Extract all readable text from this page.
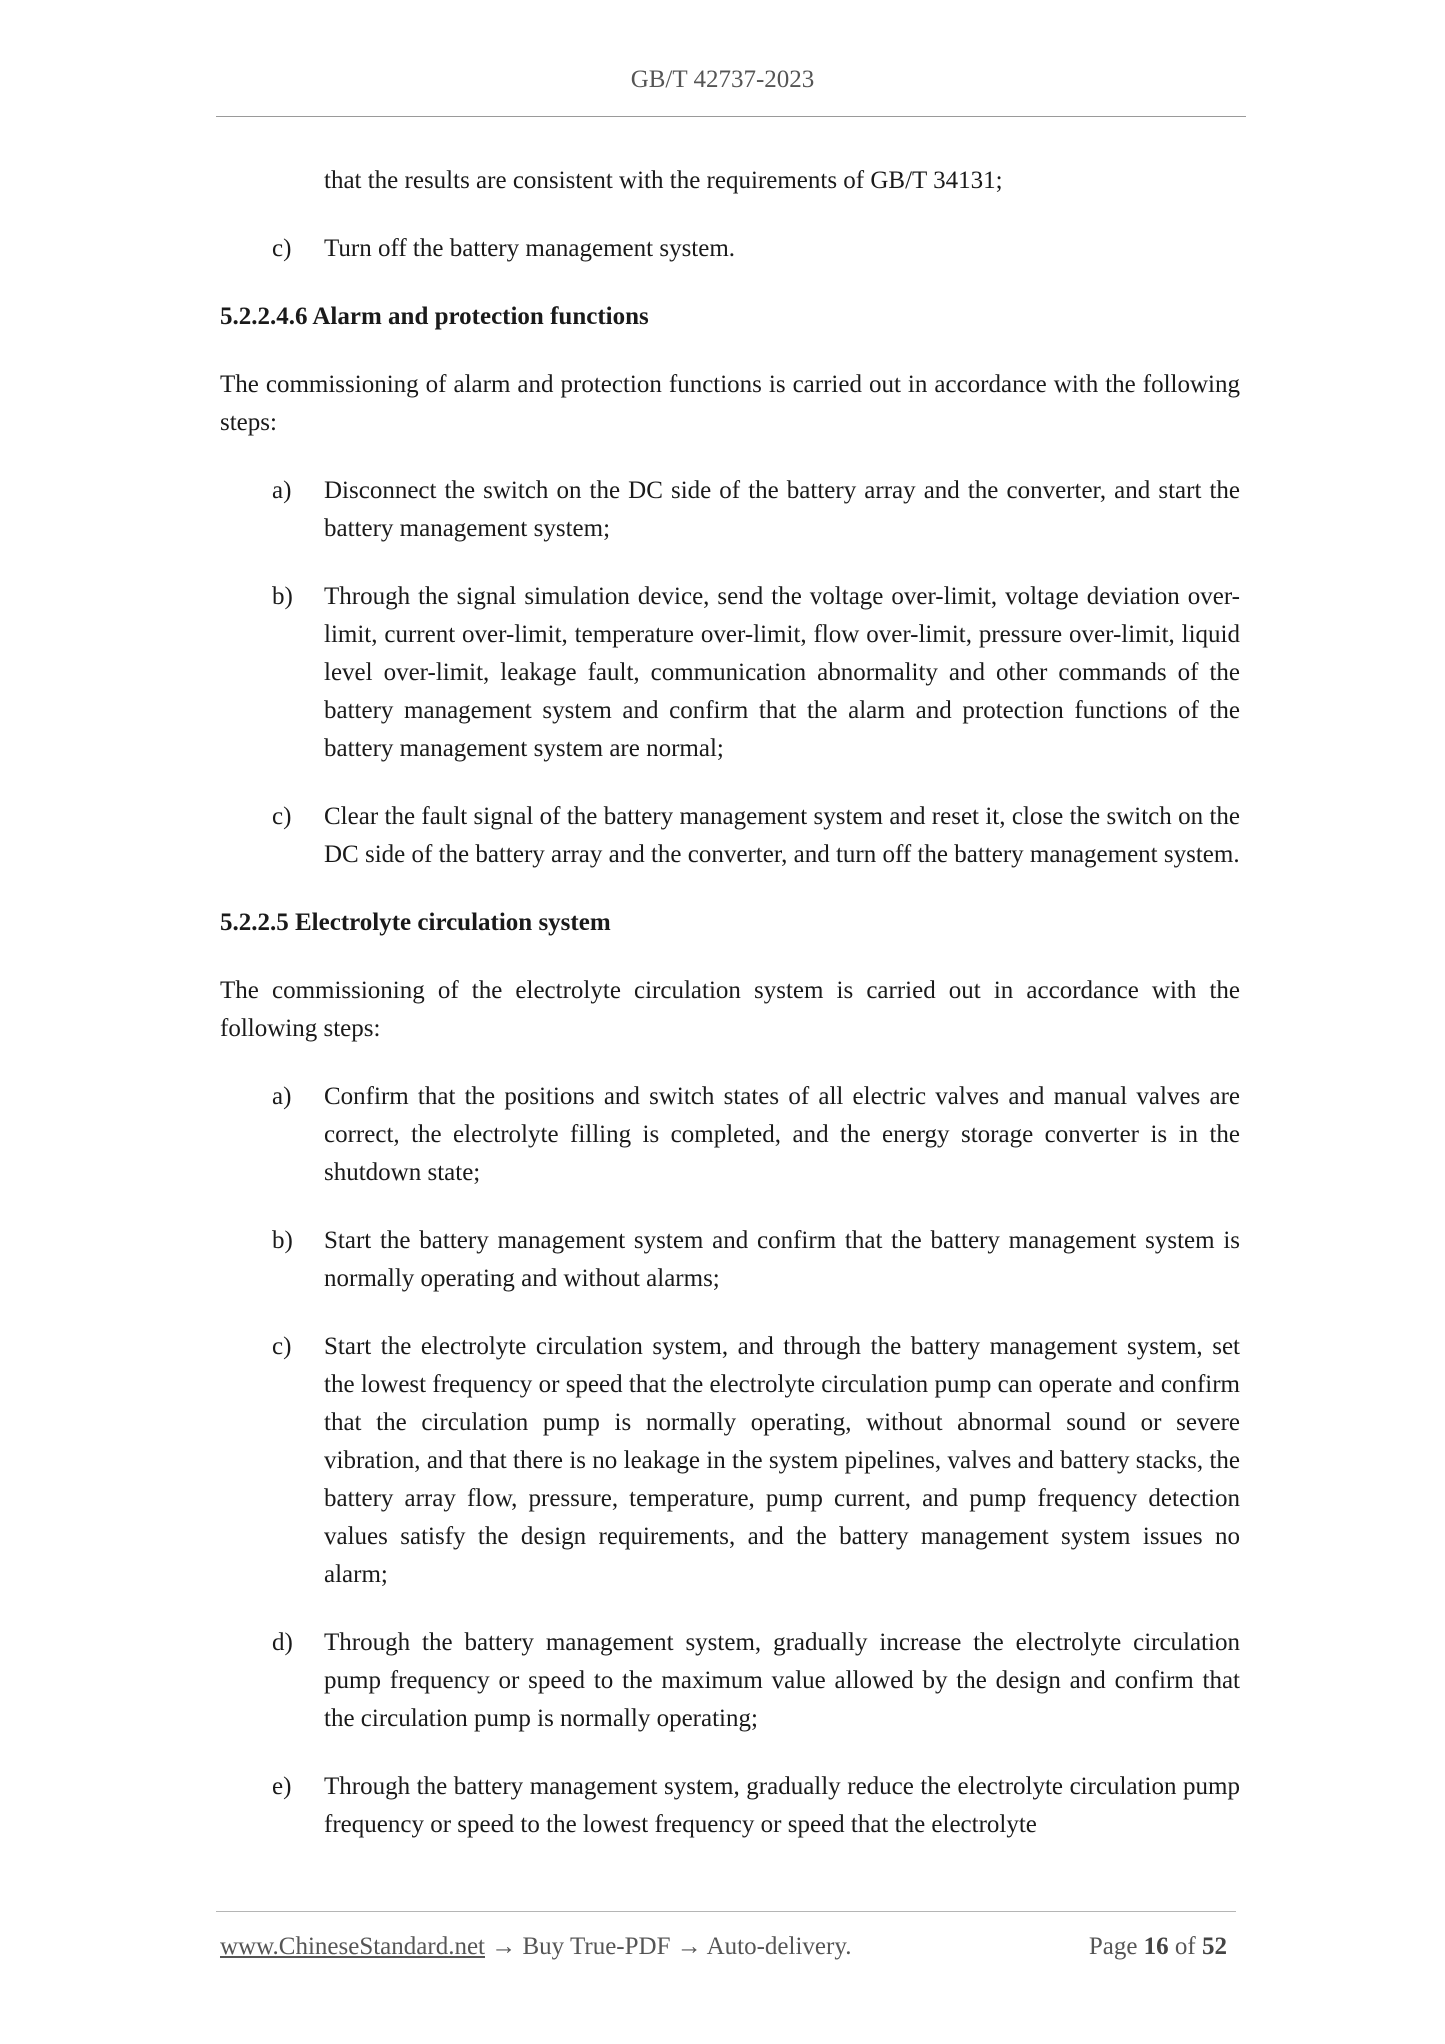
GB/T 42737-2023

that the results are consistent with the requirements of GB/T 34131;

c) Turn off the battery management system.

5.2.2.4.6 Alarm and protection functions

The commissioning of alarm and protection functions is carried out in accordance with the following steps:

a) Disconnect the switch on the DC side of the battery array and the converter, and start the battery management system;

b) Through the signal simulation device, send the voltage over-limit, voltage deviation over-limit, current over-limit, temperature over-limit, flow over-limit, pressure over-limit, liquid level over-limit, leakage fault, communication abnormality and other commands of the battery management system and confirm that the alarm and protection functions of the battery management system are normal;

c) Clear the fault signal of the battery management system and reset it, close the switch on the DC side of the battery array and the converter, and turn off the battery management system.

5.2.2.5 Electrolyte circulation system

The commissioning of the electrolyte circulation system is carried out in accordance with the following steps:

a) Confirm that the positions and switch states of all electric valves and manual valves are correct, the electrolyte filling is completed, and the energy storage converter is in the shutdown state;

b) Start the battery management system and confirm that the battery management system is normally operating and without alarms;

c) Start the electrolyte circulation system, and through the battery management system, set the lowest frequency or speed that the electrolyte circulation pump can operate and confirm that the circulation pump is normally operating, without abnormal sound or severe vibration, and that there is no leakage in the system pipelines, valves and battery stacks, the battery array flow, pressure, temperature, pump current, and pump frequency detection values satisfy the design requirements, and the battery management system issues no alarm;

d) Through the battery management system, gradually increase the electrolyte circulation pump frequency or speed to the maximum value allowed by the design and confirm that the circulation pump is normally operating;

e) Through the battery management system, gradually reduce the electrolyte circulation pump frequency or speed to the lowest frequency or speed that the electrolyte

www.ChineseStandard.net → Buy True-PDF → Auto-delivery.	Page 16 of 52
